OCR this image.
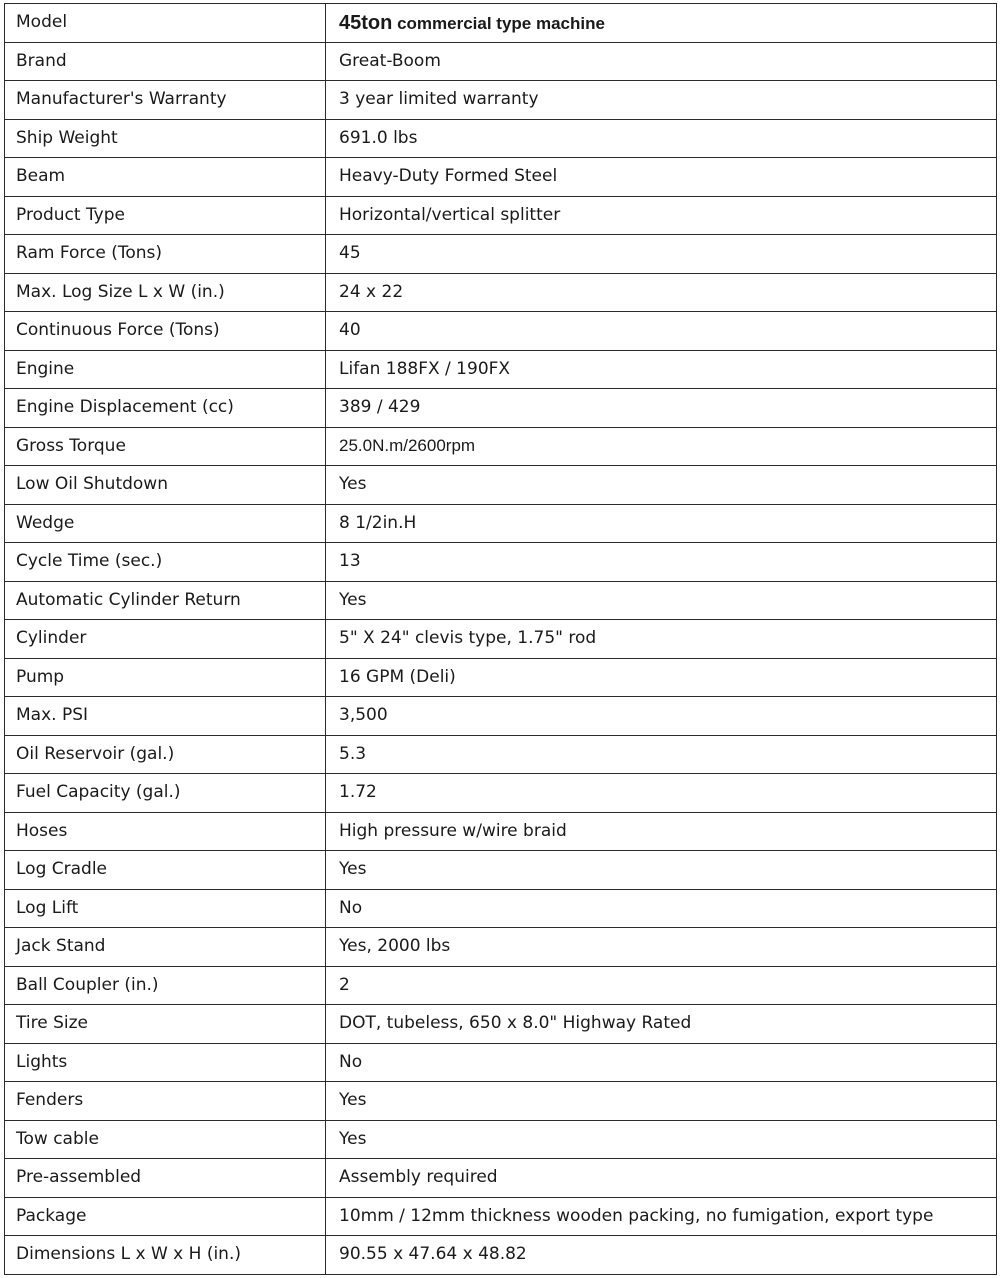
Model	45ton commercial type machine
Brand	Great-Boom
Manufacturer's Warranty	3 year limited warranty
Ship Weight	691.0 lbs
Beam	Heavy-Duty Formed Steel
Product Type	Horizontal/vertical splitter
Ram Force (Tons)	45
Max. Log Size L x W (in.)	24 x 22
Continuous Force (Tons)	40
Engine	Lifan 188FX / 190FX
Engine Displacement (cc)	389 / 429
Gross Torque	25.0N.m/2600rpm
Low Oil Shutdown	Yes
Wedge	8 1/2in.H
Cycle Time (sec.)	13
Automatic Cylinder Return	Yes
Cylinder	5" X 24" clevis type, 1.75" rod
Pump	16 GPM (Deli)
Max. PSI	3,500
Oil Reservoir (gal.)	5.3
Fuel Capacity (gal.)	1.72
Hoses	High pressure w/wire braid
Log Cradle	Yes
Log Lift	No
Jack Stand	Yes, 2000 lbs
Ball Coupler (in.)	2
Tire Size	DOT, tubeless, 650 x 8.0" Highway Rated
Lights	No
Fenders	Yes
Tow cable	Yes
Pre-assembled	Assembly required
Package	10mm / 12mm thickness wooden packing, no fumigation, export type
Dimensions L x W x H (in.)	90.55 x 47.64 x 48.82
